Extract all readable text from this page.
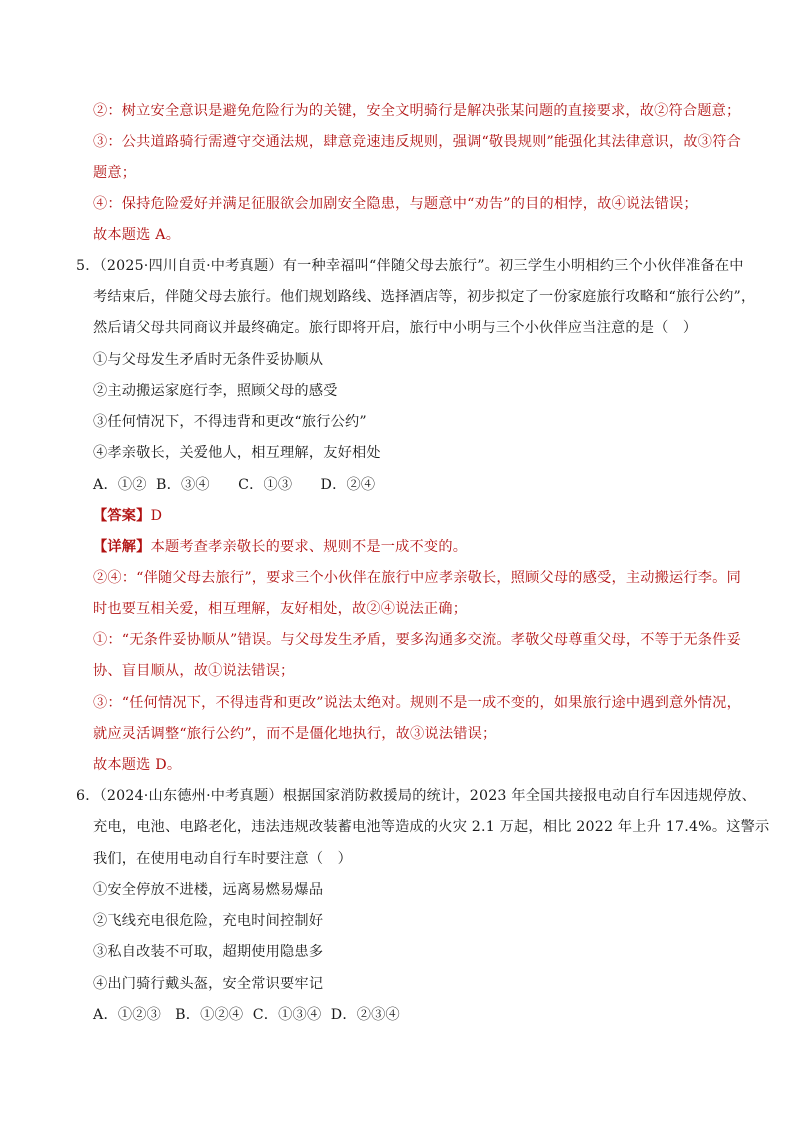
②：树立安全意识是避免危险行为的关键，安全文明骑行是解决张某问题的直接要求，故②符合题意；
③：公共道路骑行需遵守交通法规，肆意竞速违反规则，强调“敬畏规则”能强化其法律意识，故③符合
题意；
④：保持危险爱好并满足征服欲会加剧安全隐患，与题意中“劝告”的目的相悖，故④说法错误；
故本题选 A。
5．（2025·四川自贡·中考真题）有一种幸福叫“伴随父母去旅行”。初三学生小明相约三个小伙伴准备在中
考结束后，伴随父母去旅行。他们规划路线、选择酒店等，初步拟定了一份家庭旅行攻略和“旅行公约”，
然后请父母共同商议并最终确定。旅行即将开启，旅行中小明与三个小伙伴应当注意的是（　）
①与父母发生矛盾时无条件妥协顺从
②主动搬运家庭行李，照顾父母的感受
③任何情况下，不得违背和更改“旅行公约”
④孝亲敬长，关爱他人，相互理解，友好相处
A．①②  B．③④      C．①③      D．②④
【答案】D
【详解】本题考查孝亲敬长的要求、规则不是一成不变的。
②④：“伴随父母去旅行”，要求三个小伙伴在旅行中应孝亲敬长，照顾父母的感受，主动搬运行李。同
时也要互相关爱，相互理解，友好相处，故②④说法正确；
①：“无条件妥协顺从”错误。与父母发生矛盾，要多沟通多交流。孝敬父母尊重父母，不等于无条件妥
协、盲目顺从，故①说法错误；
③：“任何情况下，不得违背和更改”说法太绝对。规则不是一成不变的，如果旅行途中遇到意外情况，
就应灵活调整“旅行公约”，而不是僵化地执行，故③说法错误；
故本题选 D。
6．（2024·山东德州·中考真题）根据国家消防救援局的统计，2023 年全国共接报电动自行车因违规停放、
充电，电池、电路老化，违法违规改装蓄电池等造成的火灾 2.1 万起，相比 2022 年上升 17.4%。这警示
我们，在使用电动自行车时要注意（　）
①安全停放不进楼，远离易燃易爆品
②飞线充电很危险，充电时间控制好
③私自改装不可取，超期使用隐患多
④出门骑行戴头盔，安全常识要牢记
A．①②③   B．①②④  C．①③④  D．②③④
